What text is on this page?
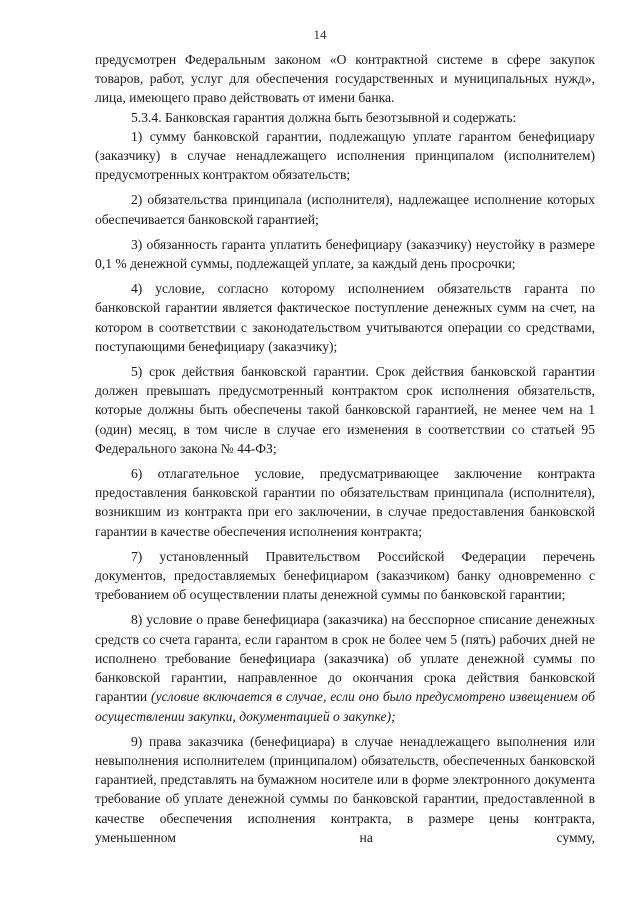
14

предусмотрен Федеральным законом «О контрактной системе в сфере закупок товаров, работ, услуг для обеспечения государственных и муниципальных нужд», лица, имеющего право действовать от имени банка.

5.3.4. Банковская гарантия должна быть безотзывной и содержать:

1) сумму банковской гарантии, подлежащую уплате гарантом бенефициару (заказчику) в случае ненадлежащего исполнения принципалом (исполнителем) предусмотренных контрактом обязательств;

2) обязательства принципала (исполнителя), надлежащее исполнение которых обеспечивается банковской гарантией;

3) обязанность гаранта уплатить бенефициару (заказчику) неустойку в размере 0,1 % денежной суммы, подлежащей уплате, за каждый день просрочки;

4) условие, согласно которому исполнением обязательств гаранта по банковской гарантии является фактическое поступление денежных сумм на счет, на котором в соответствии с законодательством учитываются операции со средствами, поступающими бенефициару (заказчику);

5) срок действия банковской гарантии. Срок действия банковской гарантии должен превышать предусмотренный контрактом срок исполнения обязательств, которые должны быть обеспечены такой банковской гарантией, не менее чем на 1 (один) месяц, в том числе в случае его изменения в соответствии со статьей 95 Федерального закона № 44-ФЗ;

6) отлагательное условие, предусматривающее заключение контракта предоставления банковской гарантии по обязательствам принципала (исполнителя), возникшим из контракта при его заключении, в случае предоставления банковской гарантии в качестве обеспечения исполнения контракта;

7) установленный Правительством Российской Федерации перечень документов, предоставляемых бенефициаром (заказчиком) банку одновременно с требованием об осуществлении платы денежной суммы по банковской гарантии;

8) условие о праве бенефициара (заказчика) на бесспорное списание денежных средств со счета гаранта, если гарантом в срок не более чем 5 (пять) рабочих дней не исполнено требование бенефициара (заказчика) об уплате денежной суммы по банковской гарантии, направленное до окончания срока действия банковской гарантии (условие включается в случае, если оно было предусмотрено извещением об осуществлении закупки, документацией о закупке);

9) права заказчика (бенефициара) в случае ненадлежащего выполнения или невыполнения исполнителем (принципалом) обязательств, обеспеченных банковской гарантией, представлять на бумажном носителе или в форме электронного документа требование об уплате денежной суммы по банковской гарантии, предоставленной в качестве обеспечения исполнения контракта, в размере цены контракта, уменьшенном на сумму,
